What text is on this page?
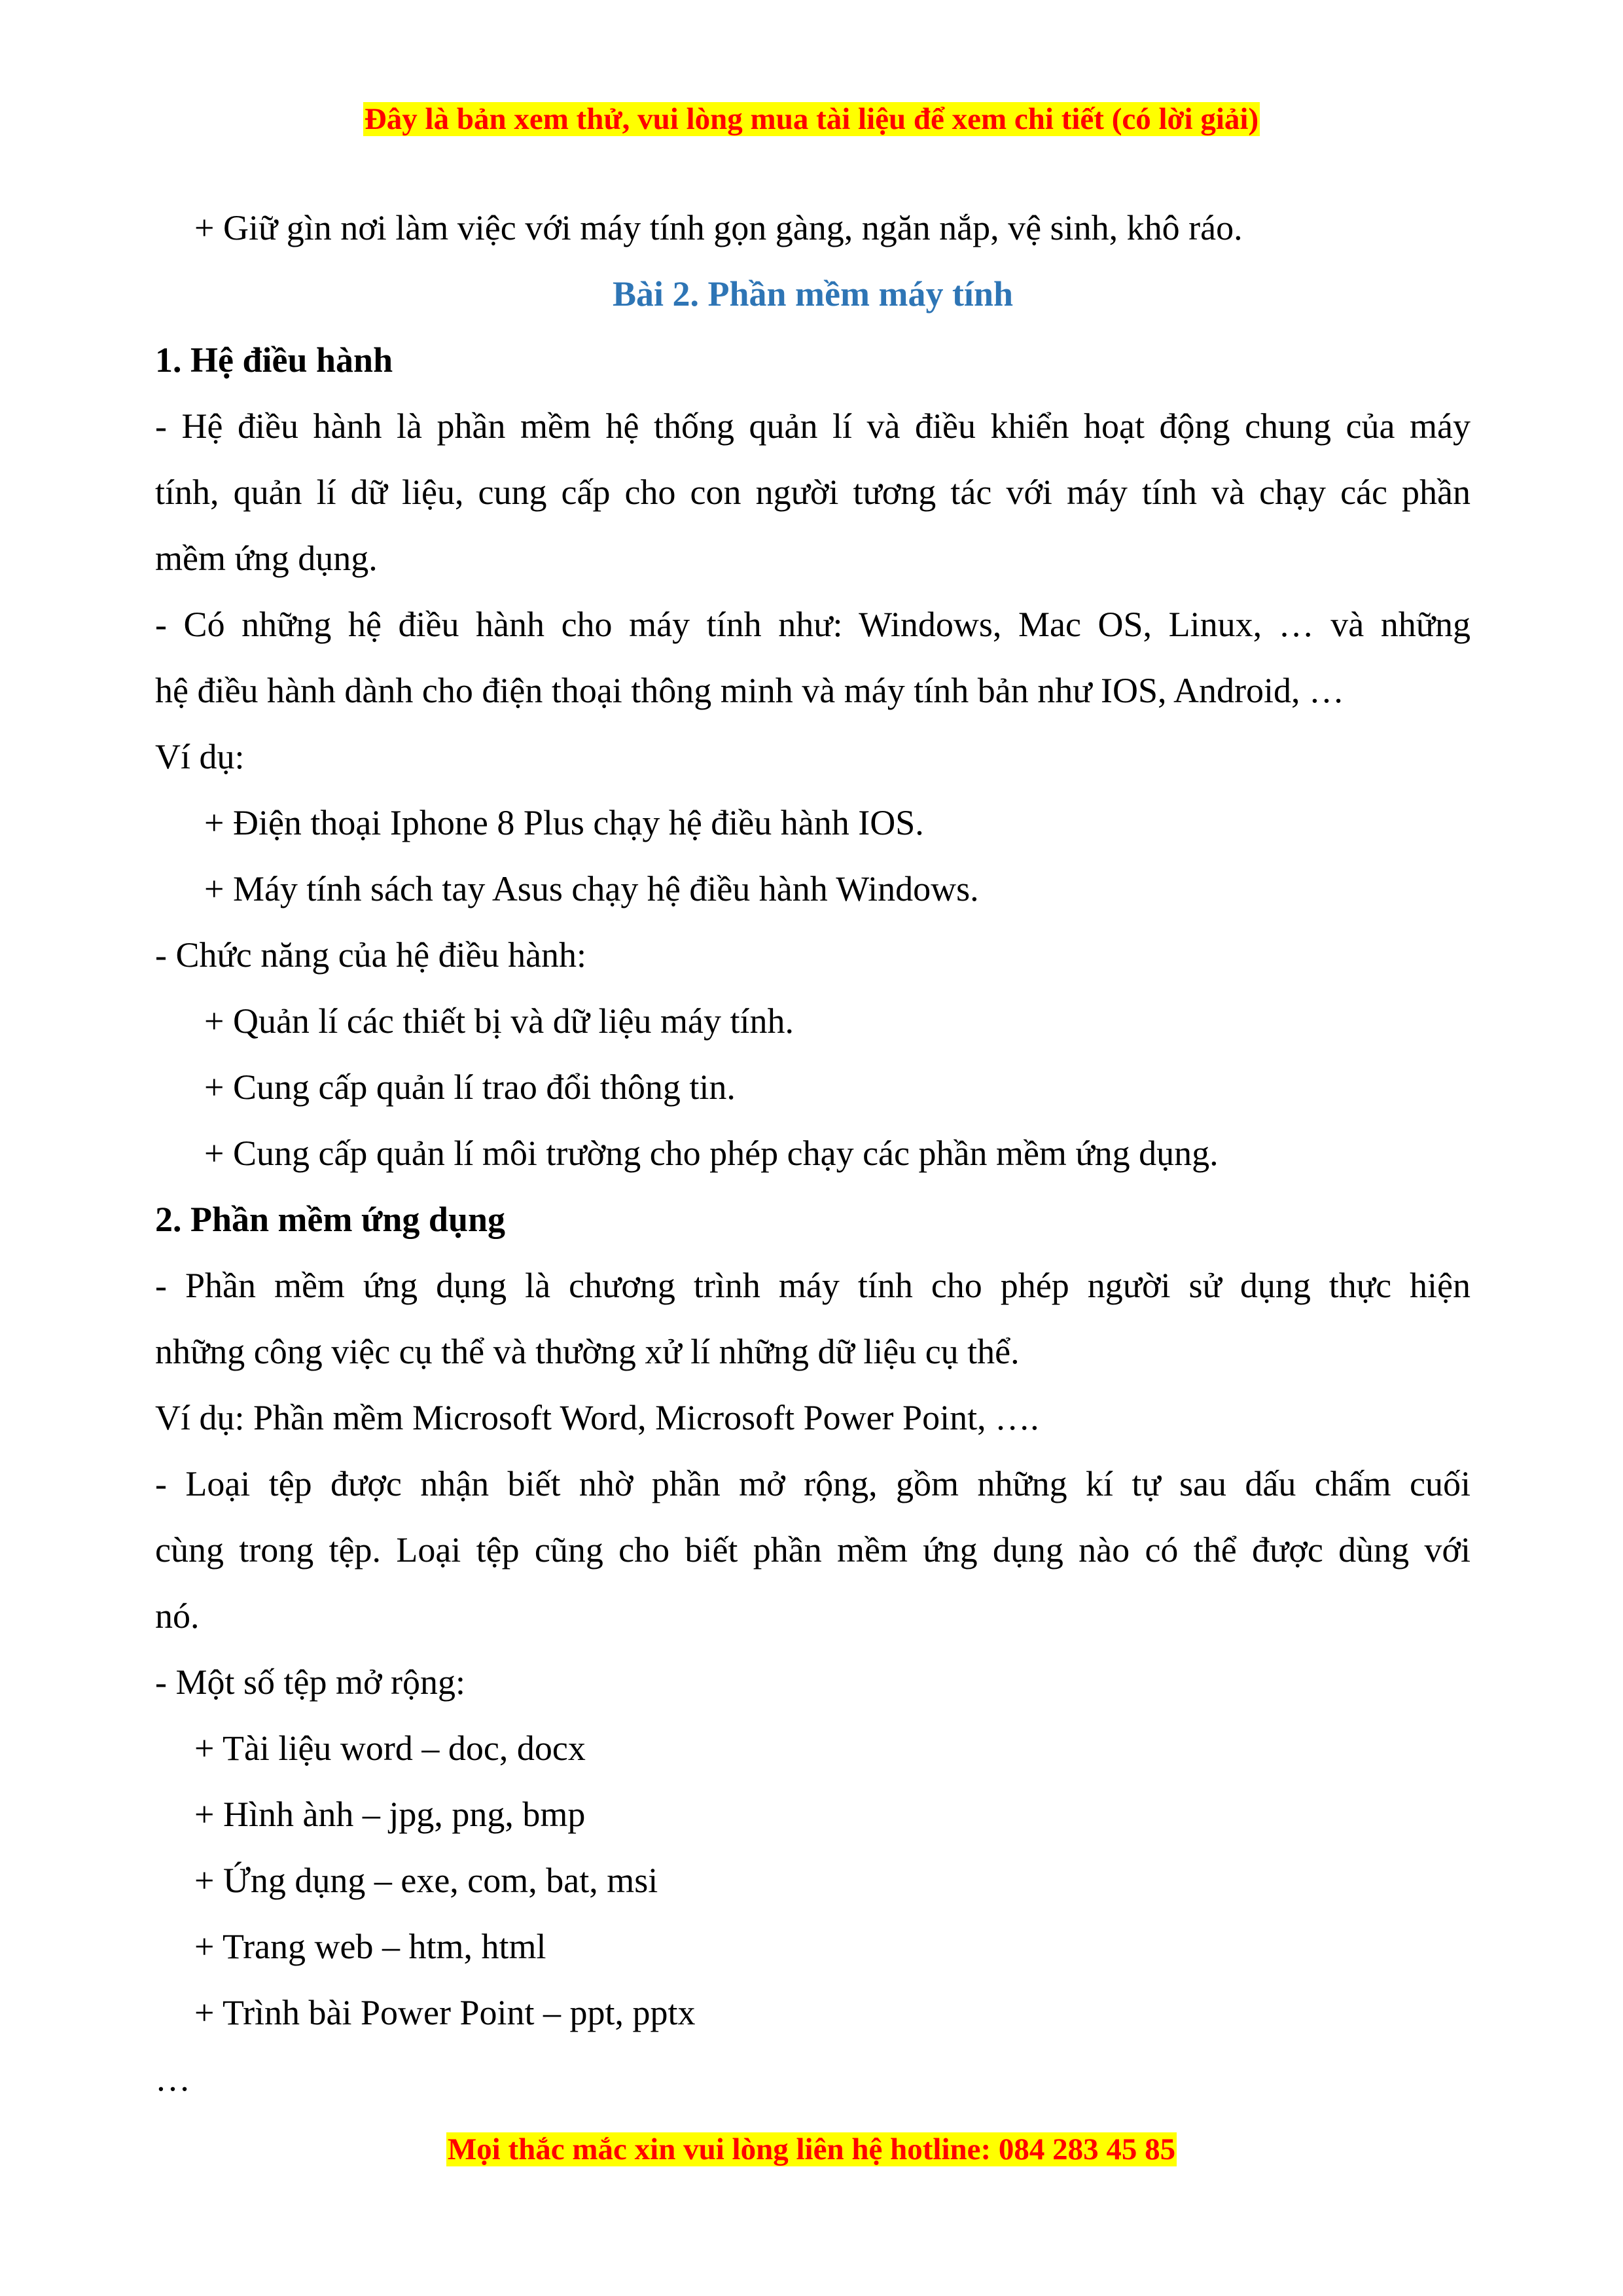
Đây là bản xem thử, vui lòng mua tài liệu để xem chi tiết (có lời giải)

+ Giữ gìn nơi làm việc với máy tính gọn gàng, ngăn nắp, vệ sinh, khô ráo.

Bài 2. Phần mềm máy tính

1. Hệ điều hành

- Hệ điều hành là phần mềm hệ thống quản lí và điều khiển hoạt động chung của máy

tính, quản lí dữ liệu, cung cấp cho con người tương tác với máy tính và chạy các phần

mềm ứng dụng.

- Có những hệ điều hành cho máy tính như: Windows, Mac OS, Linux, … và những

hệ điều hành dành cho điện thoại thông minh và máy tính bản như IOS, Android, …

Ví dụ:

+ Điện thoại Iphone 8 Plus chạy hệ điều hành IOS.

+ Máy tính sách tay Asus chạy hệ điều hành Windows.

- Chức năng của hệ điều hành:

+ Quản lí các thiết bị và dữ liệu máy tính.

+ Cung cấp quản lí trao đổi thông tin.

+ Cung cấp quản lí môi trường cho phép chạy các phần mềm ứng dụng.

2. Phần mềm ứng dụng

- Phần mềm ứng dụng là chương trình máy tính cho phép người sử dụng thực hiện

những công việc cụ thể và thường xử lí những dữ liệu cụ thể.

Ví dụ: Phần mềm Microsoft Word, Microsoft Power Point, ….

- Loại tệp được nhận biết nhờ phần mở rộng, gồm những kí tự sau dấu chấm cuối

cùng trong tệp. Loại tệp cũng cho biết phần mềm ứng dụng nào có thể được dùng với

nó.

- Một số tệp mở rộng:

+ Tài liệu word – doc, docx

+ Hình ành – jpg, png, bmp

+ Ứng dụng – exe, com, bat, msi

+ Trang web – htm, html

+ Trình bài Power Point – ppt, pptx

…

Mọi thắc mắc xin vui lòng liên hệ hotline: 084 283 45 85
